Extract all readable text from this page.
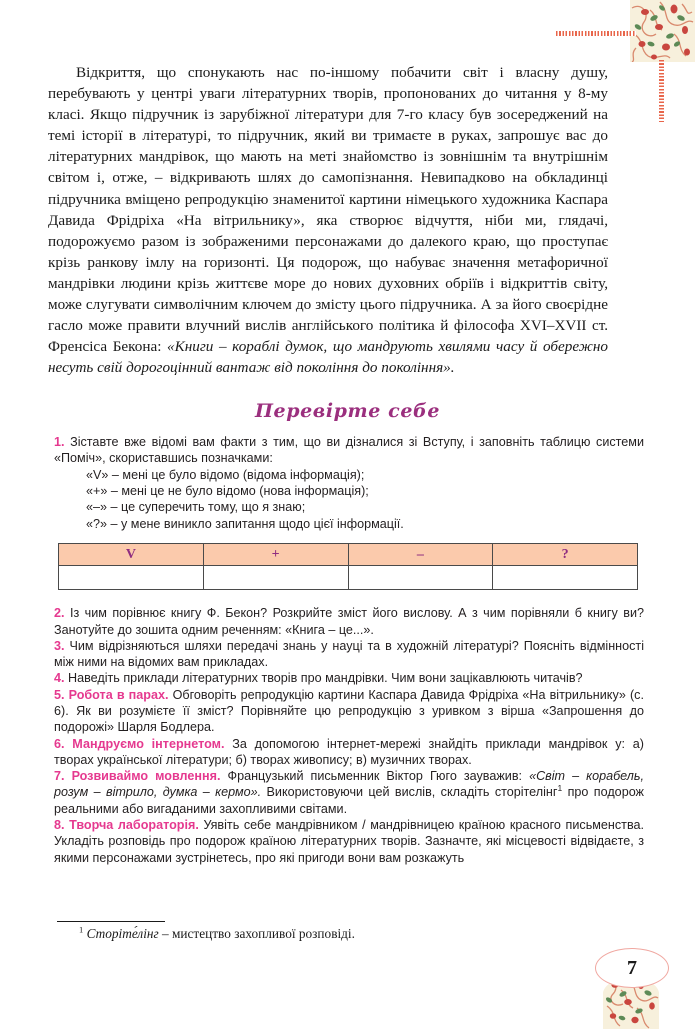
Відкриття, що спонукають нас по-іншому побачити світ і власну душу, перебувають у центрі уваги літературних творів, пропонованих до читання у 8-му класі. Якщо підручник із зарубіжної літератури для 7-го класу був зосереджений на темі історії в літературі, то підручник, який ви тримаєте в руках, запрошує вас до літературних мандрівок, що мають на меті знайомство із зовнішнім та внутрішнім світом і, отже, – відкривають шлях до самопізнання. Невипадково на обкладинці підручника вміщено репродукцію знаменитої картини німецького художника Каспара Давида Фрідріха «На вітрильнику», яка створює відчуття, ніби ми, глядачі, подорожуємо разом із зображеними персонажами до далекого краю, що проступає крізь ранкову імлу на горизонті. Ця подорож, що набуває значення метафоричної мандрівки людини крізь життєве море до нових духовних обріїв і відкриттів світу, може слугувати символічним ключем до змісту цього підручника. А за його своєрідне гасло може правити влучний вислів англійського політика й філософа XVI–XVII ст. Френсіса Бекона: «Книги – кораблі думок, що мандрують хвилями часу й обережно несуть свій дорогоцінний вантаж від покоління до покоління».
Перевірте себе
1. Зіставте вже відомі вам факти з тим, що ви дізналися зі Вступу, і заповніть таблицю системи «Поміч», скориставшись позначками:
«V» – мені це було відомо (відома інформація);
«+» – мені це не було відомо (нова інформація);
«–» – це суперечить тому, що я знаю;
«?» – у мене виникло запитання щодо цієї інформації.
2. Із чим порівнює книгу Ф. Бекон? Розкрийте зміст його вислову. А з чим порівняли б книгу ви? Занотуйте до зошита одним реченням: «Книга – це...».
3. Чим відрізняються шляхи передачі знань у науці та в художній літературі? Поясніть відмінності між ними на відомих вам прикладах.
4. Наведіть приклади літературних творів про мандрівки. Чим вони зацікавлюють читачів?
5. Робота в парах. Обговоріть репродукцію картини Каспара Давида Фрідріха «На вітрильнику» (с. 6). Як ви розумієте її зміст? Порівняйте цю репродукцію з уривком з вірша «Запрошення до подорожі» Шарля Бодлера.
6. Мандруємо інтернетом. За допомогою інтернет-мережі знайдіть приклади мандрівок у: а) творах української літератури; б) творах живопису; в) музичних творах.
7. Розвиваймо мовлення. Французький письменник Віктор Гюго зауважив: «Світ – корабель, розум – вітрило, думка – кермо». Використовуючи цей вислів, складіть сторітелінг$^1$ про подорож реальними або вигаданими захопливими світами.
8. Творча лабораторія. Уявіть себе мандрівником / мандрівницею країною красного письменства. Укладіть розповідь про подорож країною літературних творів. Зазначте, які місцевості відвідаєте, з якими персонажами зустрінетесь, про які пригоди вони вам розкажуть
V	+	–	?

$^1$ Сторіте́лінг – мистецтво захопливої розповіді.
7
